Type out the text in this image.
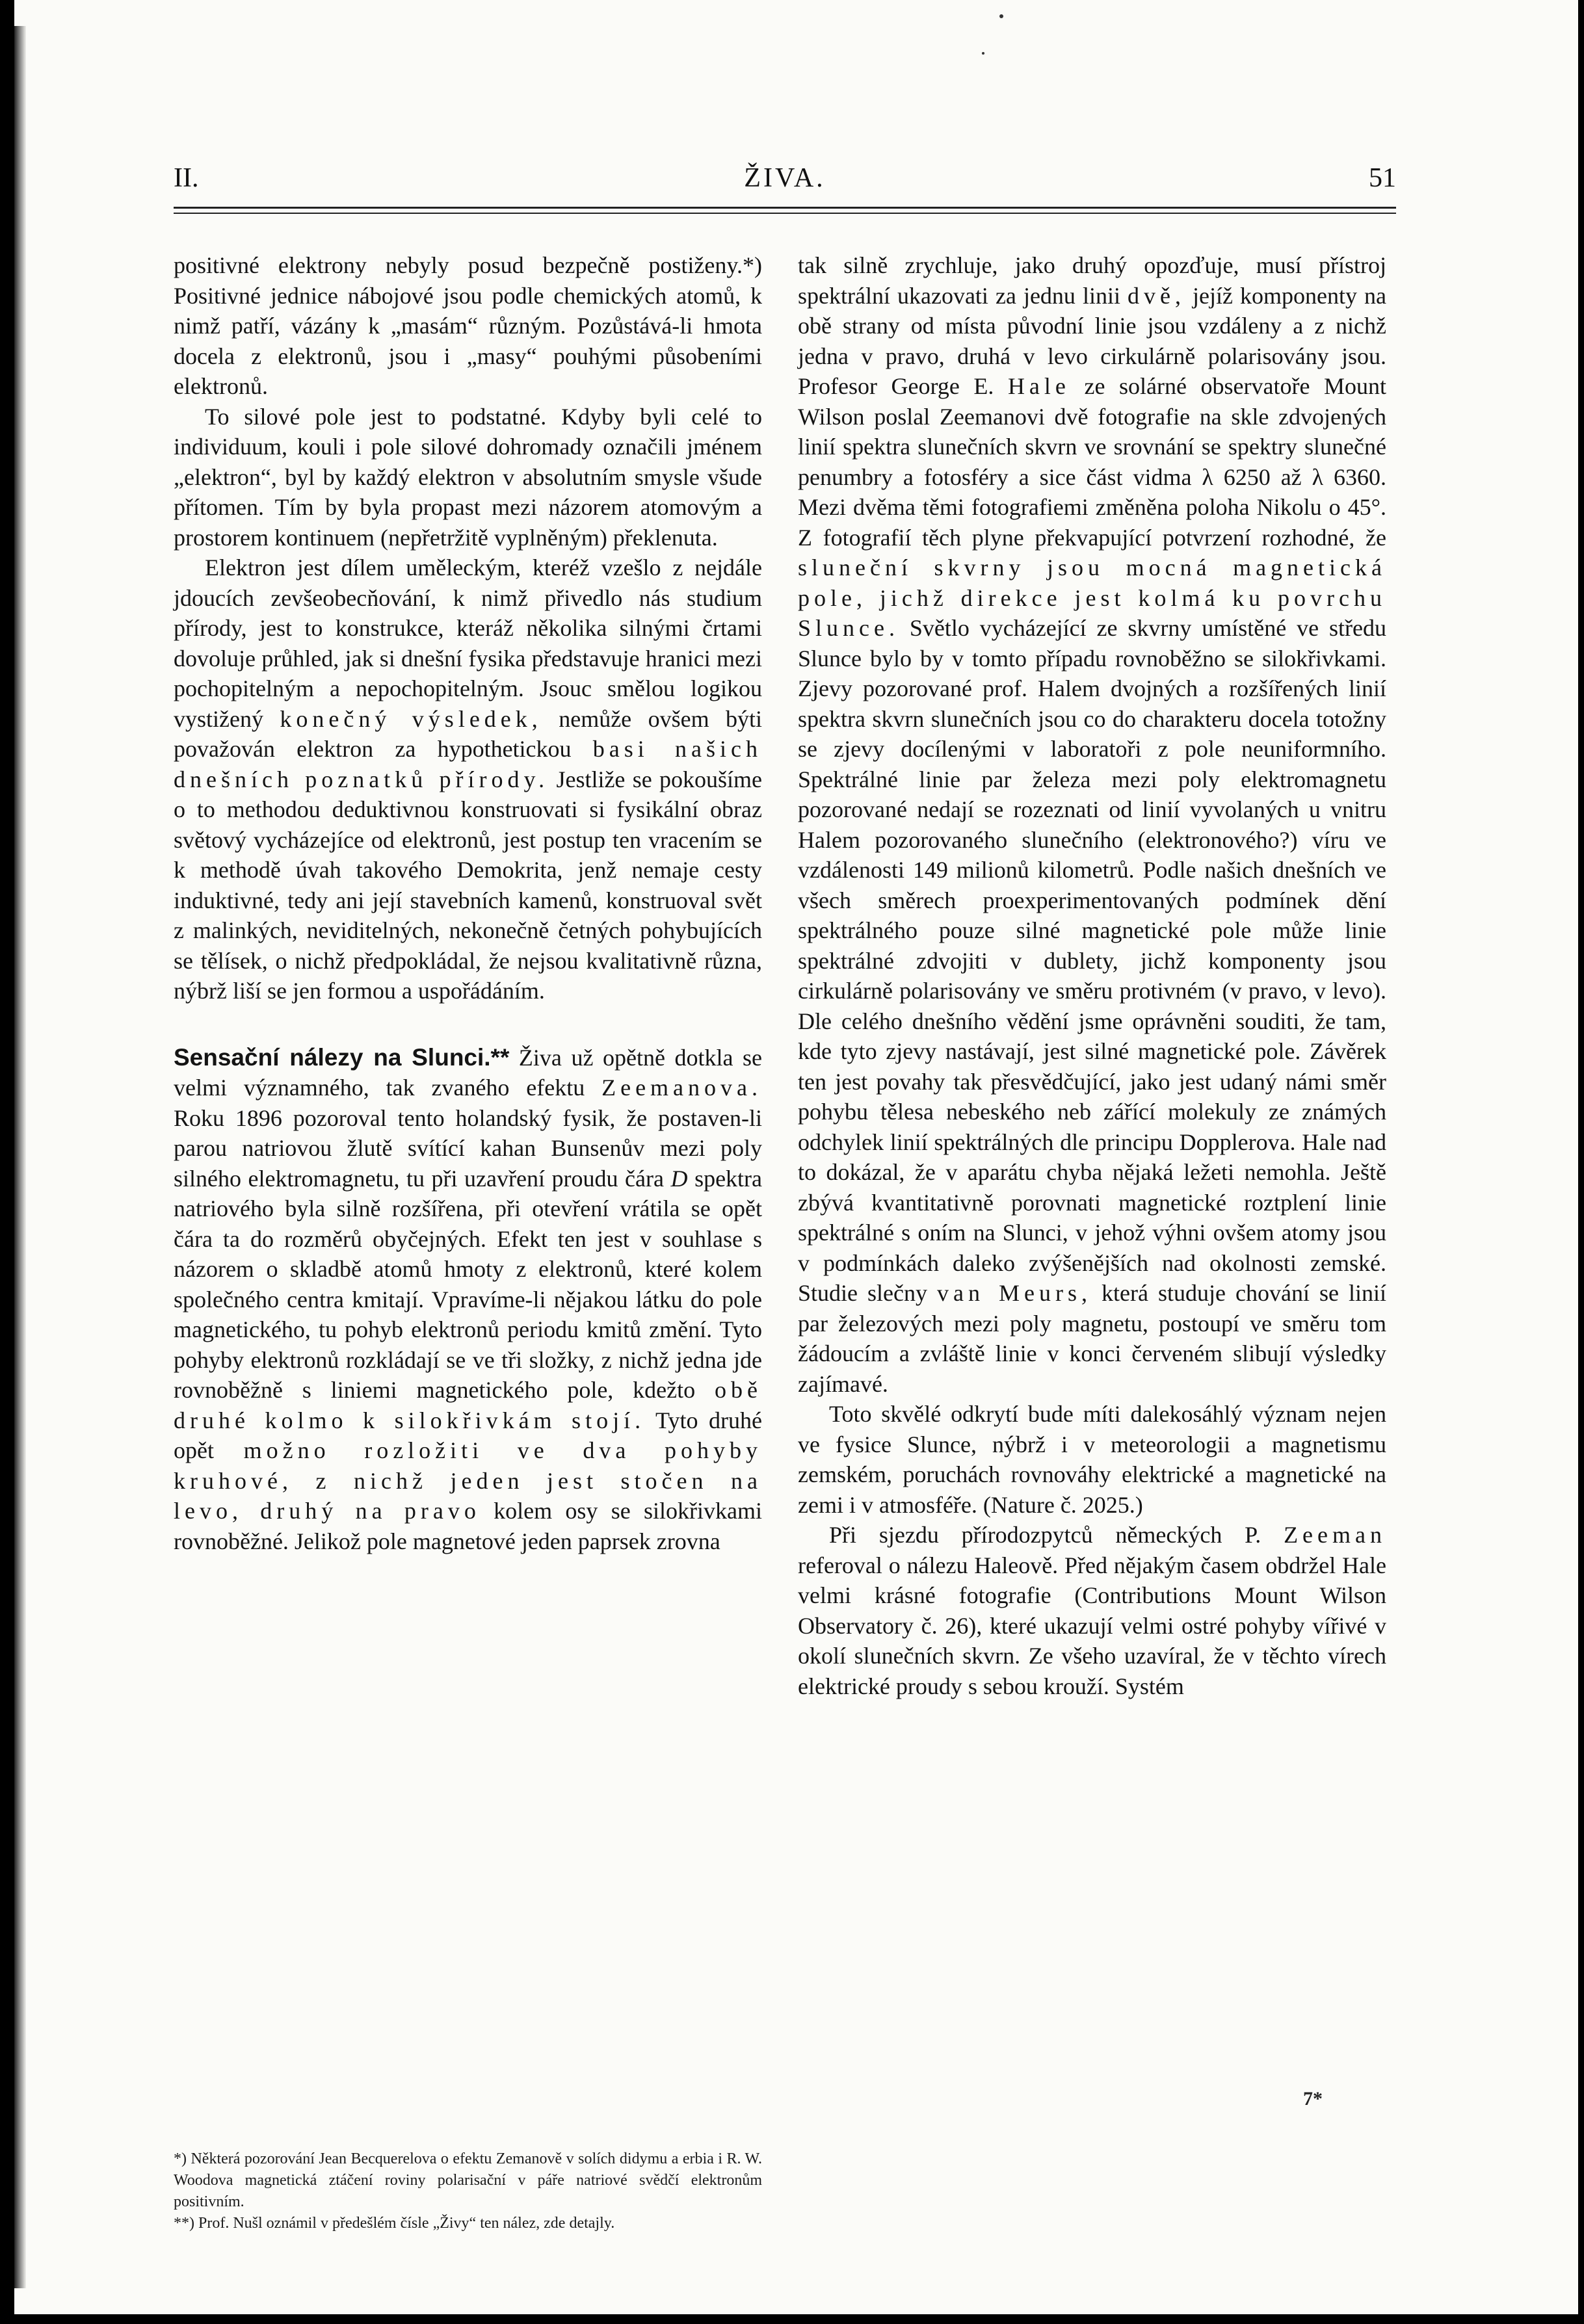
II.	ŽIVA.	51

positivné elektrony nebyly posud bezpečně postiženy.*) Positivné jednice nábojové jsou podle chemických atomů, k nimž patří, vázány k „masám“ různým. Pozůstává-li hmota docela z elektronů, jsou i „masy“ pouhými působeními elektronů.

To silové pole jest to podstatné. Kdyby byli celé to individuum, kouli i pole silové dohromady označili jménem „elektron“, byl by každý elektron v absolutním smysle všude přítomen. Tím by byla propast mezi názorem atomovým a prostorem kontinuem (nepřetržitě vyplněným) překlenuta.

Elektron jest dílem uměleckým, kteréž vzešlo z nejdále jdoucích zevšeobecňování, k nimž přivedlo nás studium přírody, jest to konstrukce, kteráž několika silnými črtami dovoluje průhled, jak si dnešní fysika představuje hranici mezi pochopitelným a nepochopitelným. Jsouc smělou logikou vystižený konečný výsledek, nemůže ovšem býti považován elektron za hypothetickou basi našich dnešních poznatků přírody. Jestliže se pokoušíme o to methodou deduktivnou konstruovati si fysikální obraz světový vycházejíce od elektronů, jest postup ten vracením se k methodě úvah takového Demokrita, jenž nemaje cesty induktivné, tedy ani její stavebních kamenů, konstruoval svět z malinkých, neviditelných, nekonečně četných pohybujících se tělísek, o nichž předpokládal, že nejsou kvalitativně různa, nýbrž liší se jen formou a uspořádáním.

Sensační nálezy na Slunci.** Živa už opětně dotkla se velmi významného, tak zvaného efektu Zeemanova. Roku 1896 pozoroval tento holandský fysik, že postaven-li parou natriovou žlutě svítící kahan Bunsenův mezi poly silného elektromagnetu, tu při uzavření proudu čára D spektra natriového byla silně rozšířena, při otevření vrátila se opět čára ta do rozměrů obyčejných. Efekt ten jest v souhlase s názorem o skladbě atomů hmoty z elektronů, které kolem společného centra kmitají. Vpravíme-li nějakou látku do pole magnetického, tu pohyb elektronů periodu kmitů změní. Tyto pohyby elektronů rozkládají se ve tři složky, z nichž jedna jde rovnoběžně s liniemi magnetického pole, kdežto obě druhé kolmo k silokřivkám stojí. Tyto druhé opět možno rozložiti ve dva pohyby kruhové, z nichž jeden jest stočen na levo, druhý na pravo kolem osy se silokřivkami rovnoběžné. Jelikož pole magnetové jeden paprsek zrovna

*) Některá pozorování Jean Becquerelova o efektu Zemanově v solích didymu a erbia i R. W. Woodova magnetická ztáčení roviny polarisační v páře natriové svědčí elektronům positivním.

**) Prof. Nušl oznámil v předešlém čísle „Živy“ ten nález, zde detajly.

tak silně zrychluje, jako druhý opozďuje, musí přístroj spektrální ukazovati za jednu linii dvě, jejíž komponenty na obě strany od místa původní linie jsou vzdáleny a z nichž jedna v pravo, druhá v levo cirkulárně polarisovány jsou. Profesor George E. Hale ze solárné observatoře Mount Wilson poslal Zeemanovi dvě fotografie na skle zdvojených linií spektra slunečních skvrn ve srovnání se spektry slunečné penumbry a fotosféry a sice část vidma λ 6250 až λ 6360. Mezi dvěma těmi fotografiemi změněna poloha Nikolu o 45°. Z fotografií těch plyne překvapující potvrzení rozhodné, že sluneční skvrny jsou mocná magnetická pole, jichž direkce jest kolmá ku povrchu Slunce. Světlo vycházející ze skvrny umístěné ve středu Slunce bylo by v tomto případu rovnoběžno se silokřivkami. Zjevy pozorované prof. Halem dvojných a rozšířených linií spektra skvrn slunečních jsou co do charakteru docela totožny se zjevy docílenými v laboratoři z pole neuniformního. Spektrálné linie par železa mezi poly elektromagnetu pozorované nedají se rozeznati od linií vyvolaných u vnitru Halem pozorovaného slunečního (elektronového?) víru ve vzdálenosti 149 milionů kilometrů. Podle našich dnešních ve všech směrech proexperimentovaných podmínek dění spektrálného pouze silné magnetické pole může linie spektrálné zdvojiti v dublety, jichž komponenty jsou cirkulárně polarisovány ve směru protivném (v pravo, v levo). Dle celého dnešního vědění jsme oprávněni souditi, že tam, kde tyto zjevy nastávají, jest silné magnetické pole. Závěrek ten jest povahy tak přesvědčující, jako jest udaný námi směr pohybu tělesa nebeského neb zářící molekuly ze známých odchylek linií spektrálných dle principu Dopplerova. Hale nad to dokázal, že v aparátu chyba nějaká ležeti nemohla. Ještě zbývá kvantitativně porovnati magnetické roztplení linie spektrálné s oním na Slunci, v jehož výhni ovšem atomy jsou v podmínkách daleko zvýšenějších nad okolnosti zemské. Studie slečny van Meurs, která studuje chování se linií par železových mezi poly magnetu, postoupí ve směru tom žádoucím a zvláště linie v konci červeném slibují výsledky zajímavé.

Toto skvělé odkrytí bude míti dalekosáhlý význam nejen ve fysice Slunce, nýbrž i v meteorologii a magnetismu zemském, poruchách rovnováhy elektrické a magnetické na zemi i v atmosféře. (Nature č. 2025.)

Při sjezdu přírodozpytců německých P. Zeeman referoval o nálezu Haleově. Před nějakým časem obdržel Hale velmi krásné fotografie (Contributions Mount Wilson Observatory č. 26), které ukazují velmi ostré pohyby vířivé v okolí slunečních skvrn. Ze všeho uzavíral, že v těchto vírech elektrické proudy s sebou krouží. Systém

7*
